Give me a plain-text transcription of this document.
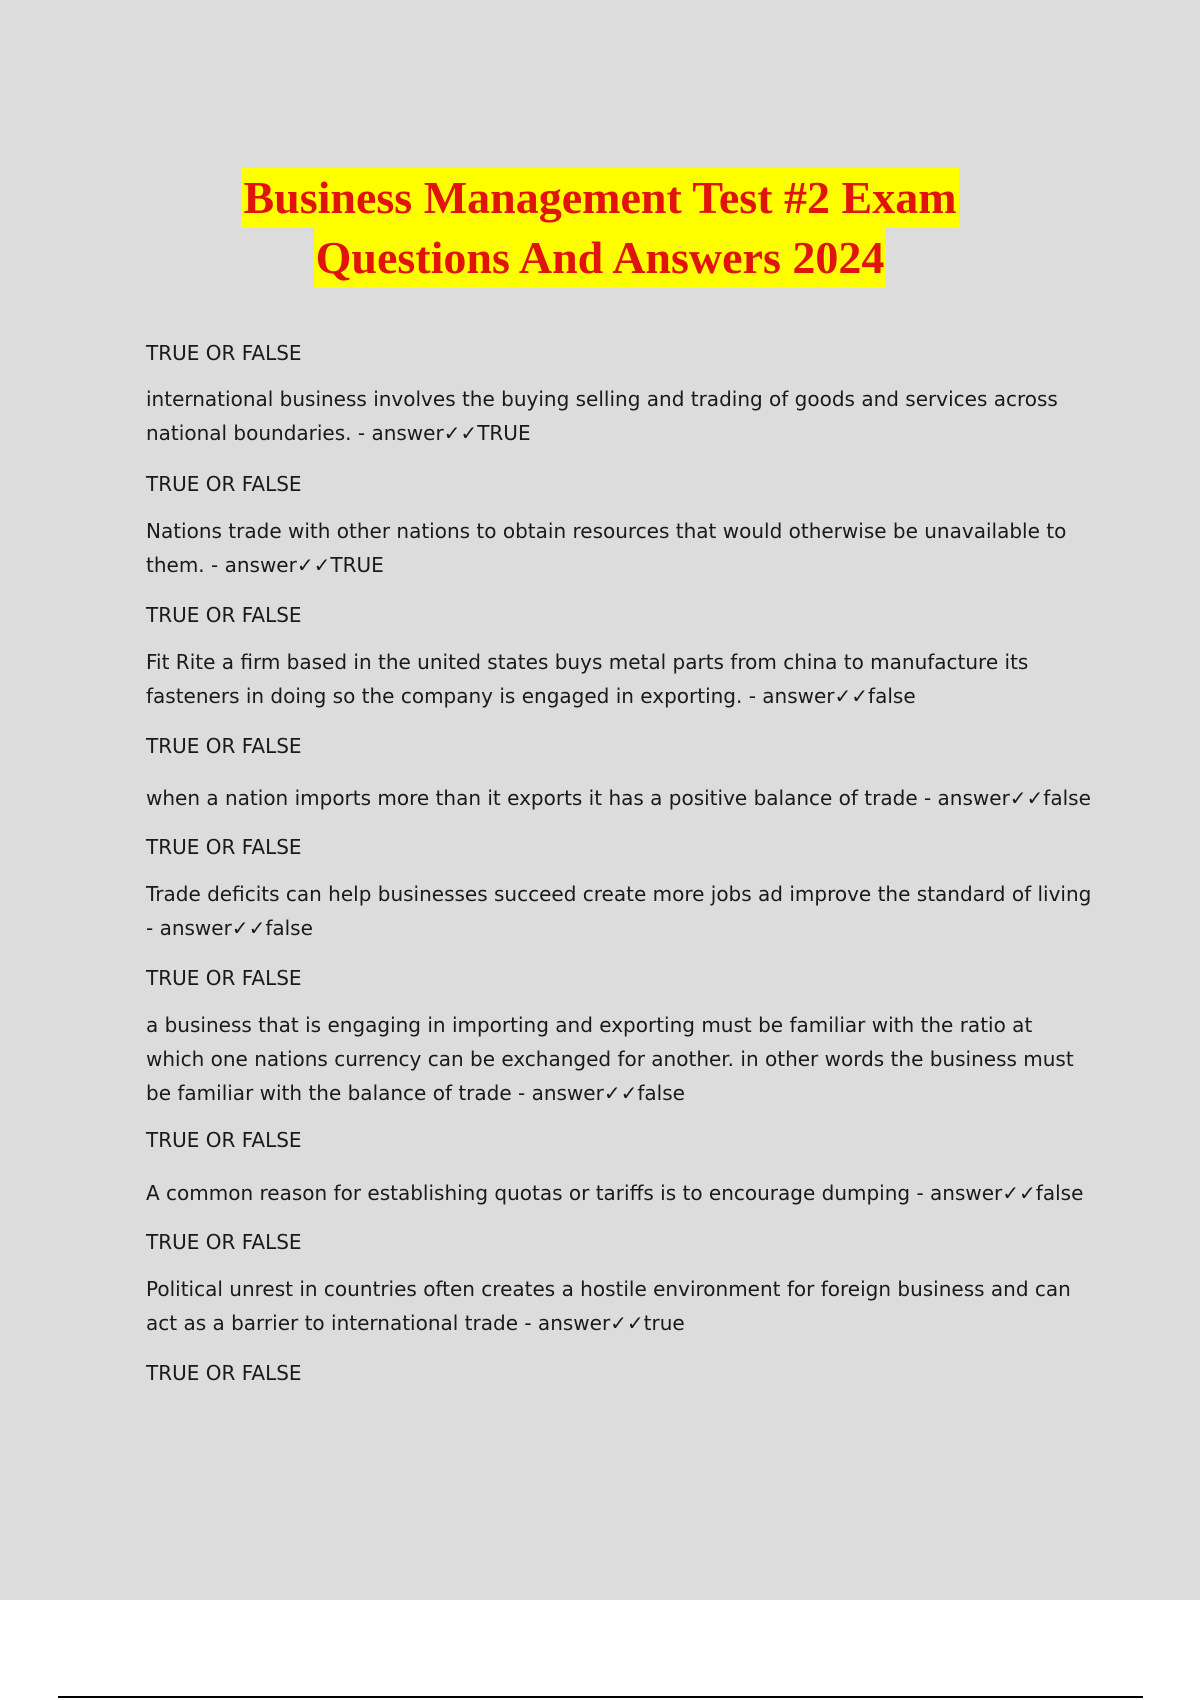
Business Management Test #2 Exam
Questions And Answers 2024

TRUE OR FALSE

international business involves the buying selling and trading of goods and services across national boundaries. - answer✓✓TRUE

TRUE OR FALSE

Nations trade with other nations to obtain resources that would otherwise be unavailable to them. - answer✓✓TRUE

TRUE OR FALSE

Fit Rite a firm based in the united states buys metal parts from china to manufacture its fasteners in doing so the company is engaged in exporting. - answer✓✓false

TRUE OR FALSE

when a nation imports more than it exports it has a positive balance of trade - answer✓✓false

TRUE OR FALSE

Trade deficits can help businesses succeed create more jobs ad improve the standard of living - answer✓✓false

TRUE OR FALSE

a business that is engaging in importing and exporting must be familiar with the ratio at which one nations currency can be exchanged for another. in other words the business must be familiar with the balance of trade - answer✓✓false

TRUE OR FALSE

A common reason for establishing quotas or tariffs is to encourage dumping - answer✓✓false

TRUE OR FALSE

Political unrest in countries often creates a hostile environment for foreign business and can act as a barrier to international trade - answer✓✓true

TRUE OR FALSE
